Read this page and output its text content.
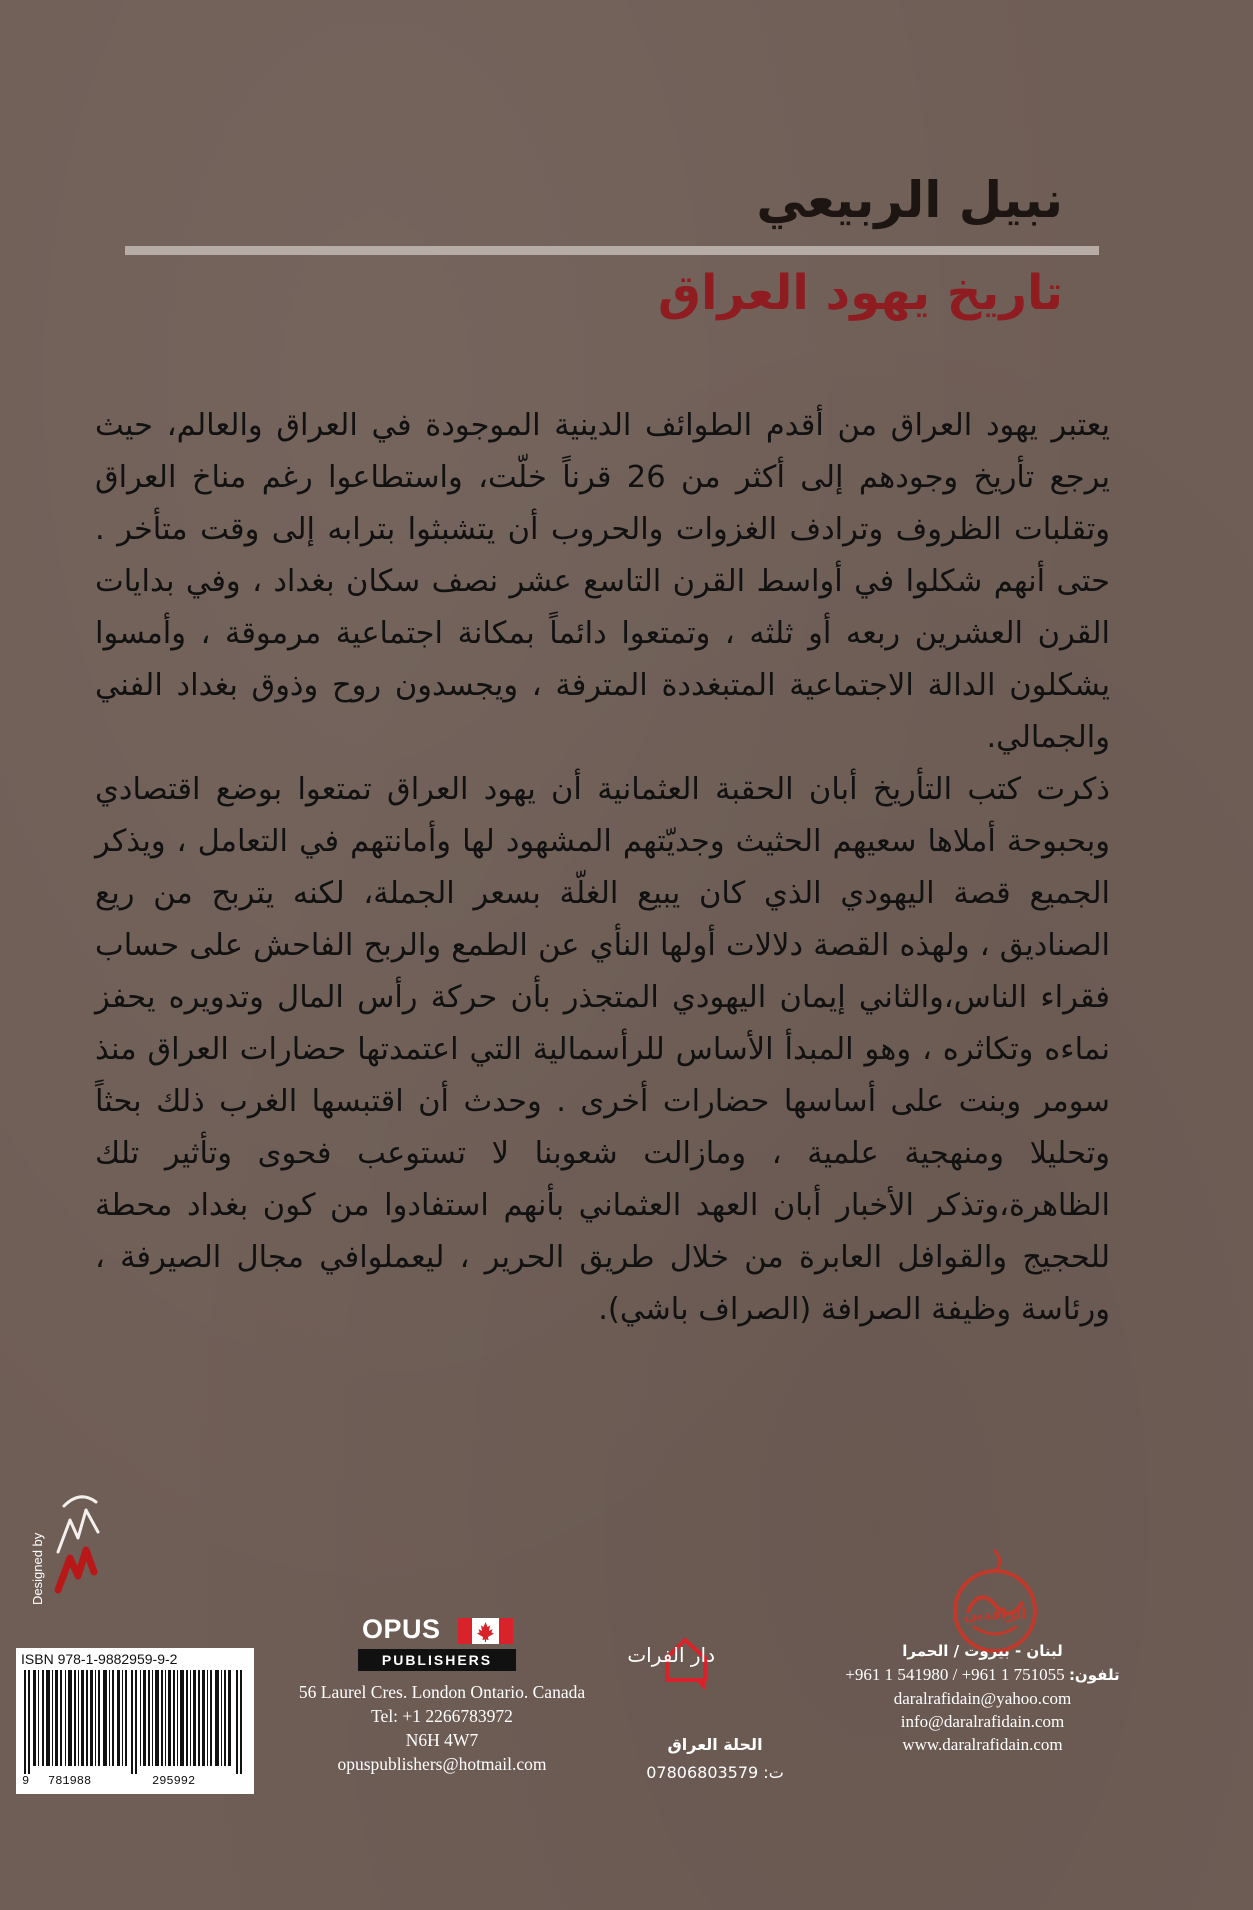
نبيل الربيعي
تاريخ يهود العراق

يعتبر يهود العراق من أقدم الطوائف الدينية الموجودة في العراق والعالم، حيث يرجع تأريخ وجودهم إلى أكثر من 26 قرناً خلّت، واستطاعوا رغم مناخ العراق وتقلبات الظروف وترادف الغزوات والحروب أن يتشبثوا بترابه إلى وقت متأخر . حتى أنهم شكلوا في أواسط القرن التاسع عشر نصف سكان بغداد ، وفي بدايات القرن العشرين ربعه أو ثلثه ، وتمتعوا دائماً بمكانة اجتماعية مرموقة ، وأمسوا يشكلون الدالة الاجتماعية المتبغددة المترفة ، ويجسدون روح وذوق بغداد الفني والجمالي.

ذكرت كتب التأريخ أبان الحقبة العثمانية أن يهود العراق تمتعوا بوضع اقتصادي وبحبوحة أملاها سعيهم الحثيث وجديّتهم المشهود لها وأمانتهم في التعامل ، ويذكر الجميع قصة اليهودي الذي كان يبيع الغلّة بسعر الجملة، لكنه يتربح من ريع الصناديق ، ولهذه القصة دلالات أولها النأي عن الطمع والربح الفاحش على حساب فقراء الناس،والثاني إيمان اليهودي المتجذر بأن حركة رأس المال وتدويره يحفز نماءه وتكاثره ، وهو المبدأ الأساس للرأسمالية التي اعتمدتها حضارات العراق منذ سومر وبنت على أساسها حضارات أخرى . وحدث أن اقتبسها الغرب ذلك بحثاً وتحليلا ومنهجية علمية ، ومازالت شعوبنا لا تستوعب فحوى وتأثير تلك الظاهرة،وتذكر الأخبار أبان العهد العثماني بأنهم استفادوا من كون بغداد محطة للحجيج والقوافل العابرة من خلال طريق الحرير ، ليعملوافي مجال الصيرفة ، ورئاسة وظيفة الصرافة (الصراف باشي).

Designed by
ISBN 978-1-9882959-9-2
9 781988	295992
OPUS
PUBLISHERS
56 Laurel Cres. London Ontario. Canada
Tel: +1 2266783972
N6H 4W7
opuspublishers@hotmail.com
دار الفرات
الحلة العراق
ت: 07806803579
الرافدين
لبنان - بيروت / الحمرا
تلفون: +961 1 541980 / +961 1 751055
daralrafidain@yahoo.com
info@daralrafidain.com
www.daralrafidain.com
